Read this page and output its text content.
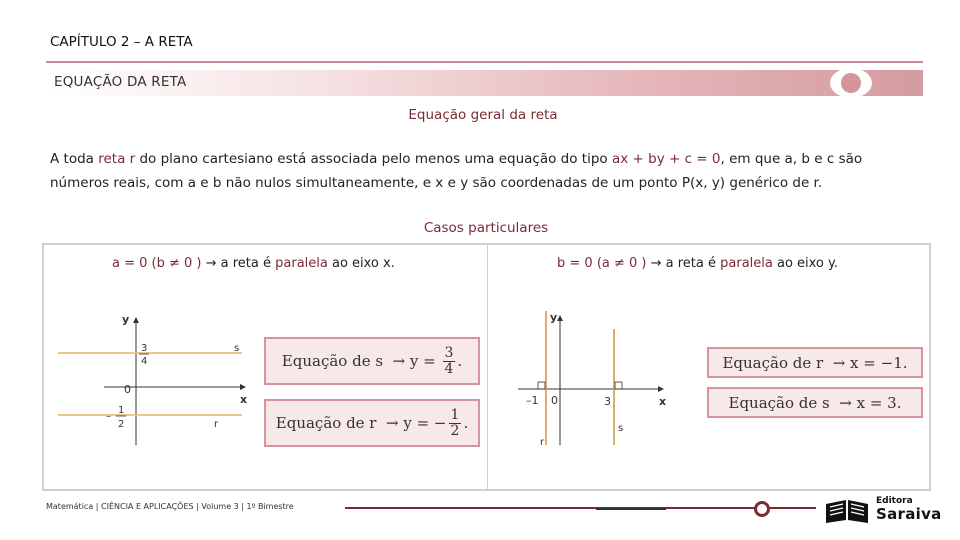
CAPÍTULO 2 – A RETA
EQUAÇÃO DA RETA
Equação geral da reta
A toda reta r do plano cartesiano está associada pelo menos uma equação do tipo ax + by + c = 0, em que a, b e c são números reais, com a e b não nulos simultaneamente, e x e y são coordenadas de um ponto P(x, y) genérico de r.
Casos particulares
a = 0 (b ≠ 0 ) → a reta é paralela ao eixo x.
y
x
0
s
r
3
4
–
1
2
Equação de $s \to y = \frac{3}{4}$ .
Equação de r  → y = − $\frac{1}{2}$ .
b = 0 (a ≠ 0 ) → a reta é paralela ao eixo y.
y
x
0
–1	3
r
s
Equação de r  → x = −1.
Equação de s  → x = 3.
Matemática | CIÊNCIA E APLICAÇÕES | Volume 3 | 1º Bimestre
Editora
Saraiva
